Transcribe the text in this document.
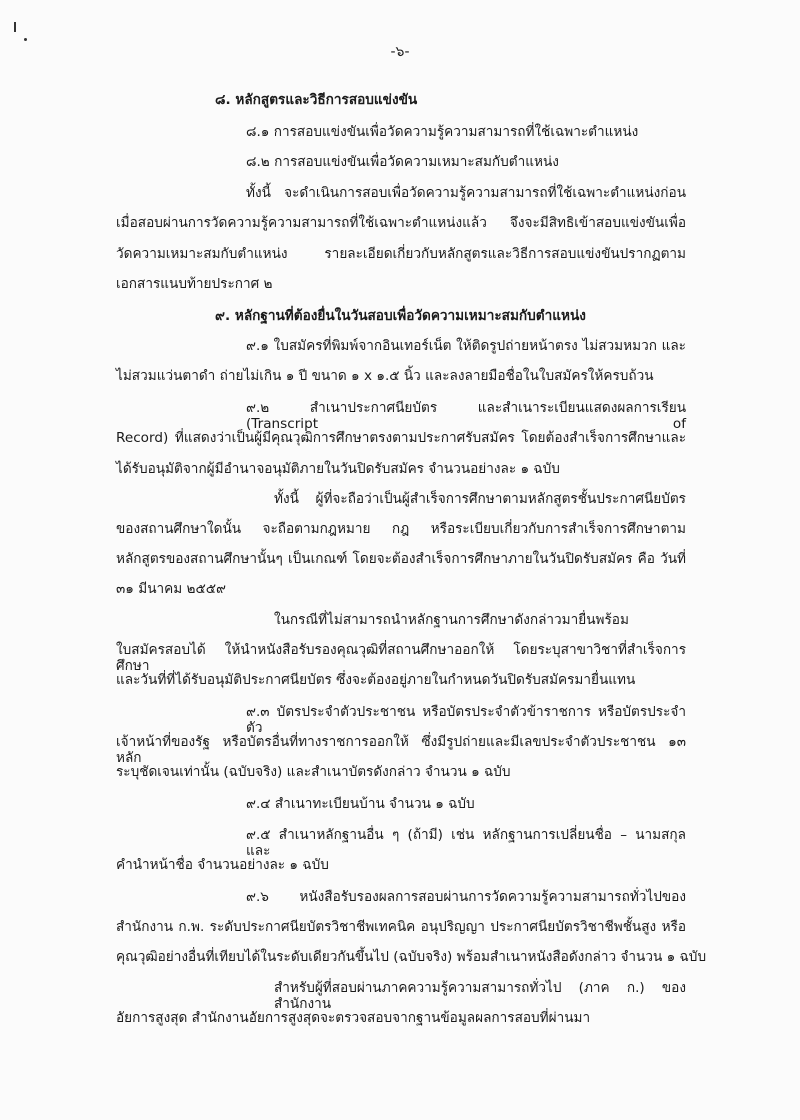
-๖-
๘. หลักสูตรและวิธีการสอบแข่งขัน
๘.๑ การสอบแข่งขันเพื่อวัดความรู้ความสามารถที่ใช้เฉพาะตำแหน่ง
๘.๒ การสอบแข่งขันเพื่อวัดความเหมาะสมกับตำแหน่ง
ทั้งนี้ จะดำเนินการสอบเพื่อวัดความรู้ความสามารถที่ใช้เฉพาะตำแหน่งก่อน
เมื่อสอบผ่านการวัดความรู้ความสามารถที่ใช้เฉพาะตำแหน่งแล้ว จึงจะมีสิทธิเข้าสอบแข่งขันเพื่อ
วัดความเหมาะสมกับตำแหน่ง รายละเอียดเกี่ยวกับหลักสูตรและวิธีการสอบแข่งขันปรากฏตาม
เอกสารแนบท้ายประกาศ ๒
๙. หลักฐานที่ต้องยื่นในวันสอบเพื่อวัดความเหมาะสมกับตำแหน่ง
๙.๑ ใบสมัครที่พิมพ์จากอินเทอร์เน็ต ให้ติดรูปถ่ายหน้าตรง ไม่สวมหมวก และ
ไม่สวมแว่นตาดำ ถ่ายไม่เกิน ๑ ปี ขนาด ๑ x ๑.๕ นิ้ว และลงลายมือชื่อในใบสมัครให้ครบถ้วน
๙.๒ สำเนาประกาศนียบัตร และสำเนาระเบียนแสดงผลการเรียน (Transcript of
Record) ที่แสดงว่าเป็นผู้มีคุณวุฒิการศึกษาตรงตามประกาศรับสมัคร โดยต้องสำเร็จการศึกษาและ
ได้รับอนุมัติจากผู้มีอำนาจอนุมัติภายในวันปิดรับสมัคร จำนวนอย่างละ ๑ ฉบับ
ทั้งนี้ ผู้ที่จะถือว่าเป็นผู้สำเร็จการศึกษาตามหลักสูตรชั้นประกาศนียบัตร
ของสถานศึกษาใดนั้น จะถือตามกฎหมาย กฎ หรือระเบียบเกี่ยวกับการสำเร็จการศึกษาตาม
หลักสูตรของสถานศึกษานั้นๆ เป็นเกณฑ์ โดยจะต้องสำเร็จการศึกษาภายในวันปิดรับสมัคร คือ วันที่
๓๑ มีนาคม ๒๕๕๙
ในกรณีที่ไม่สามารถนำหลักฐานการศึกษาดังกล่าวมายื่นพร้อม
ใบสมัครสอบได้ ให้นำหนังสือรับรองคุณวุฒิที่สถานศึกษาออกให้ โดยระบุสาขาวิชาที่สำเร็จการศึกษา
และวันที่ที่ได้รับอนุมัติประกาศนียบัตร ซึ่งจะต้องอยู่ภายในกำหนดวันปิดรับสมัครมายื่นแทน
๙.๓ บัตรประจำตัวประชาชน หรือบัตรประจำตัวข้าราชการ หรือบัตรประจำตัว
เจ้าหน้าที่ของรัฐ หรือบัตรอื่นที่ทางราชการออกให้ ซึ่งมีรูปถ่ายและมีเลขประจำตัวประชาชน ๑๓ หลัก
ระบุชัดเจนเท่านั้น (ฉบับจริง) และสำเนาบัตรดังกล่าว จำนวน ๑ ฉบับ
๙.๔ สำเนาทะเบียนบ้าน จำนวน ๑ ฉบับ
๙.๕ สำเนาหลักฐานอื่น ๆ (ถ้ามี) เช่น หลักฐานการเปลี่ยนชื่อ – นามสกุล และ
คำนำหน้าชื่อ จำนวนอย่างละ ๑ ฉบับ
๙.๖ หนังสือรับรองผลการสอบผ่านการวัดความรู้ความสามารถทั่วไปของ
สำนักงาน ก.พ. ระดับประกาศนียบัตรวิชาชีพเทคนิค อนุปริญญา ประกาศนียบัตรวิชาชีพชั้นสูง หรือ
คุณวุฒิอย่างอื่นที่เทียบได้ในระดับเดียวกันขึ้นไป (ฉบับจริง) พร้อมสำเนาหนังสือดังกล่าว จำนวน ๑ ฉบับ
สำหรับผู้ที่สอบผ่านภาคความรู้ความสามารถทั่วไป (ภาค ก.) ของสำนักงาน
อัยการสูงสุด สำนักงานอัยการสูงสุดจะตรวจสอบจากฐานข้อมูลผลการสอบที่ผ่านมา
